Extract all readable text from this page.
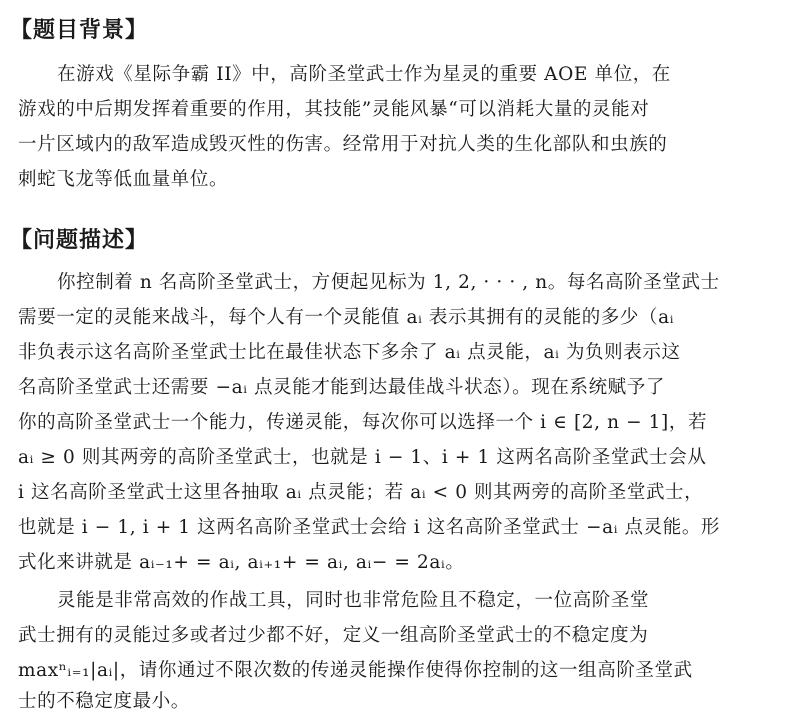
【题目背景】
在游戏《星际争霸 II》中，高阶圣堂武士作为星灵的重要 AOE 单位，在
游戏的中后期发挥着重要的作用，其技能”灵能风暴“可以消耗大量的灵能对
一片区域内的敌军造成毁灭性的伤害。经常用于对抗人类的生化部队和虫族的
刺蛇飞龙等低血量单位。
【问题描述】
你控制着 n 名高阶圣堂武士，方便起见标为 1, 2, · · · , n。每名高阶圣堂武士
需要一定的灵能来战斗，每个人有一个灵能值 aᵢ 表示其拥有的灵能的多少（aᵢ
非负表示这名高阶圣堂武士比在最佳状态下多余了 aᵢ 点灵能，aᵢ 为负则表示这
名高阶圣堂武士还需要 −aᵢ 点灵能才能到达最佳战斗状态）。现在系统赋予了
你的高阶圣堂武士一个能力，传递灵能，每次你可以选择一个 i ∈ [2, n − 1]，若
aᵢ ≥ 0 则其两旁的高阶圣堂武士，也就是 i − 1、i + 1 这两名高阶圣堂武士会从
i 这名高阶圣堂武士这里各抽取 aᵢ 点灵能；若 aᵢ < 0 则其两旁的高阶圣堂武士，
也就是 i − 1, i + 1 这两名高阶圣堂武士会给 i 这名高阶圣堂武士 −aᵢ 点灵能。形
式化来讲就是 aᵢ₋₁+ = aᵢ, aᵢ₊₁+ = aᵢ, aᵢ− = 2aᵢ。
灵能是非常高效的作战工具，同时也非常危险且不稳定，一位高阶圣堂
武士拥有的灵能过多或者过少都不好，定义一组高阶圣堂武士的不稳定度为
maxⁿᵢ₌₁|aᵢ|，请你通过不限次数的传递灵能操作使得你控制的这一组高阶圣堂武
士的不稳定度最小。
